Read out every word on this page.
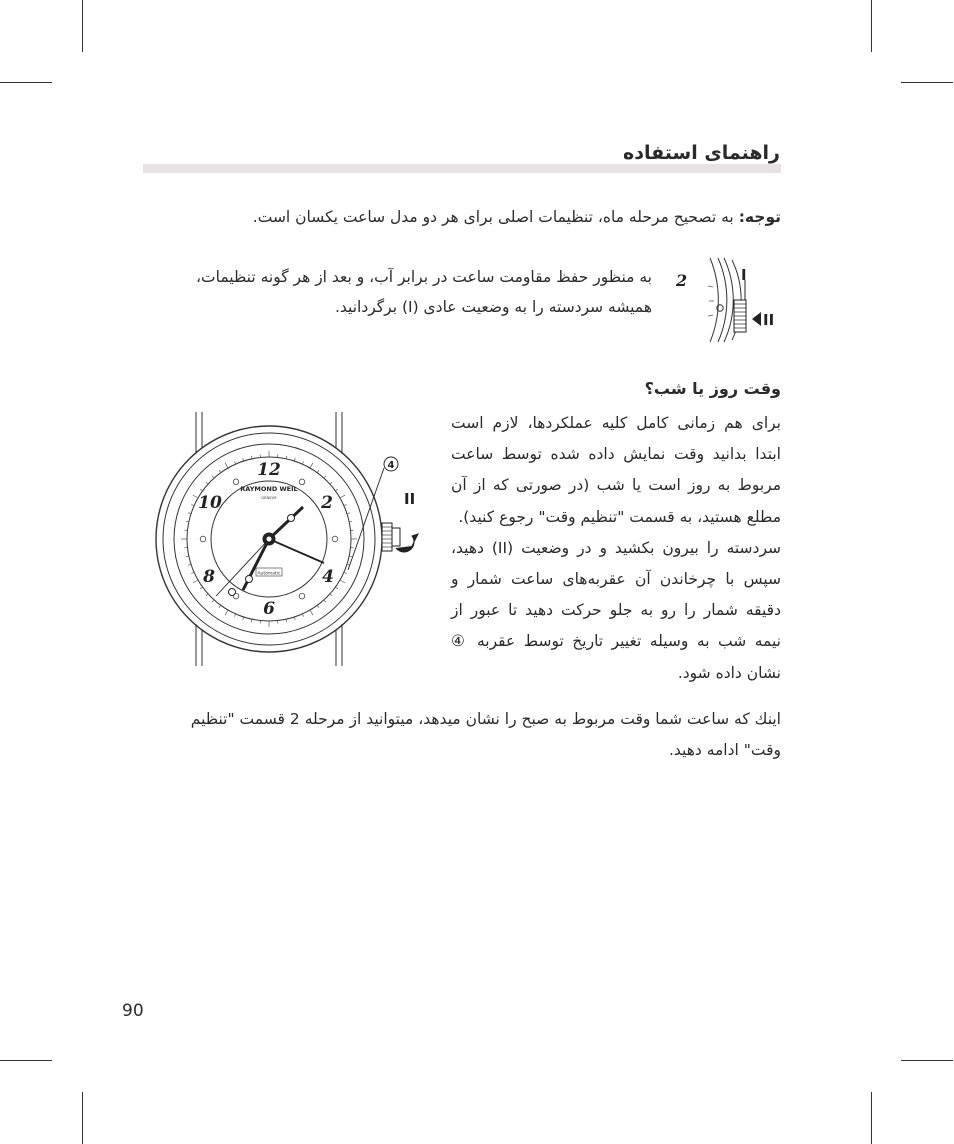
راهنمای استفاده
توجه: به تصحیح مرحله ماه، تنظیمات اصلی برای هر دو مدل ساعت یکسان است.
به منظور حفظ مقاومت ساعت در برابر آب، و بعد از هر گونه تنظیمات،
همیشه سردسته را به وضعیت عادی (I) برگردانید.
2	I
II
وقت روز یا شب؟
برای هم زمانی کامل کلیه عملکردها، لازم است ابتدا بدانید وقت نمایش داده شده توسط ساعت مربوط به روز است یا شب (در صورتی که از آن مطلع هستید، به قسمت "تنظیم وقت" رجوع کنید).
سردسته را بیرون بکشید و در وضعیت (II) دهید، سپس با چرخاندن آن عقربه‌های ساعت شمار و دقیقه شمار را رو به جلو حرکت دهید تا عبور از نیمه شب به وسیله تغییر تاریخ توسط عقربه ④ نشان داده شود.
اینك كه ساعت شما وقت مربوط به صبح را نشان میدهد، میتوانید از مرحله 2 قسمت "تنظیم
وقت" ادامه دهید.
RAYMOND WEIL
GENEVE
Automatic
12
2
4
6
8
10	II
4
90
